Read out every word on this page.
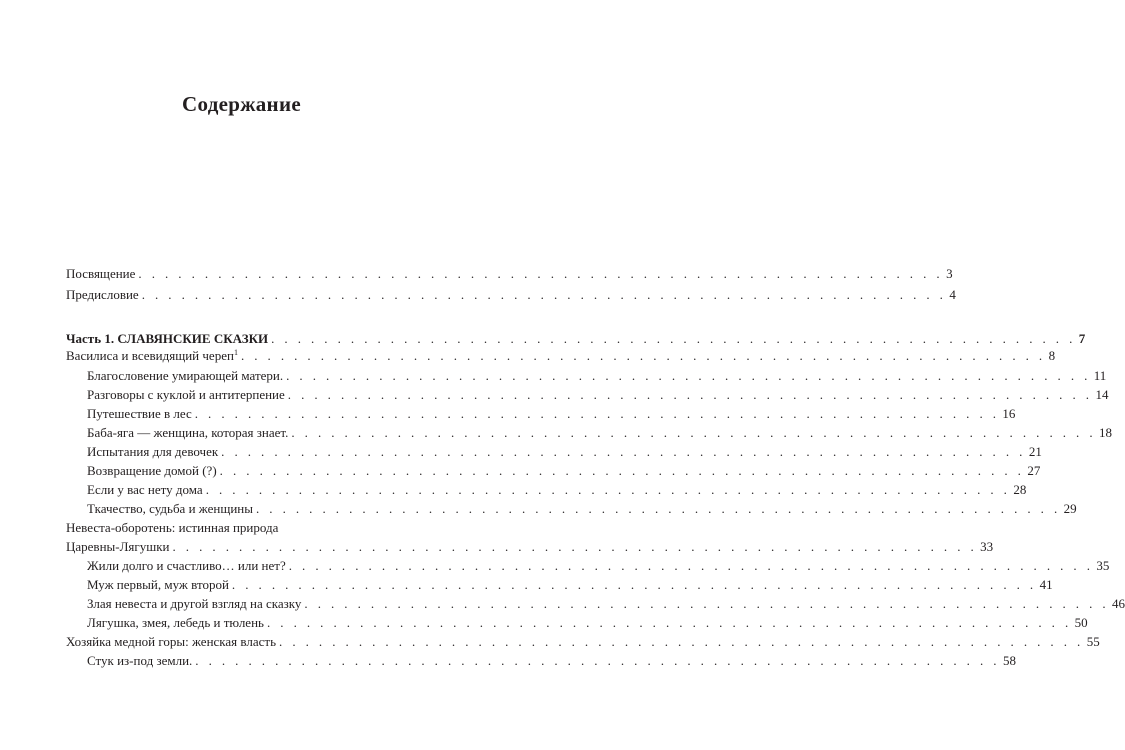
Содержание
Посвящение . . . . . . . . . . . . . . . . . . . . . . . . . . . . . . . . . . . . . . . . . . . . . . . . . . . . . . . . . . . . . 3
Предисловие . . . . . . . . . . . . . . . . . . . . . . . . . . . . . . . . . . . . . . . . . . . . . . . . . . . . . . . . . . . . . 4
Часть 1. СЛАВЯНСКИЕ СКАЗКИ . . . . . . . . . . . . . . . . . . . . . . . . . . . . . . . . . . . . . . . . . . . . . . . . . . . . . . . . . . . . . 7
Василиса и всевидящий череп$^1$ . . . . . . . . . . . . . . . . . . . . . . . . . . . . . . . . . . . . . . . . . . . . . . . . . . . . . . . . . . . . . 8
Благословение умирающей матери. . . . . . . . . . . . . . . . . . . . . . . . . . . . . . . . . . . . . . . . . . . . . . . . . . . . . . . . . . . . . . 11
Разговоры с куклой и антитерпение . . . . . . . . . . . . . . . . . . . . . . . . . . . . . . . . . . . . . . . . . . . . . . . . . . . . . . . . . . . . . 14
Путешествие в лес . . . . . . . . . . . . . . . . . . . . . . . . . . . . . . . . . . . . . . . . . . . . . . . . . . . . . . . . . . . . . 16
Баба-яга — женщина, которая знает. . . . . . . . . . . . . . . . . . . . . . . . . . . . . . . . . . . . . . . . . . . . . . . . . . . . . . . . . . . . . . 18
Испытания для девочек . . . . . . . . . . . . . . . . . . . . . . . . . . . . . . . . . . . . . . . . . . . . . . . . . . . . . . . . . . . . . 21
Возвращение домой (?) . . . . . . . . . . . . . . . . . . . . . . . . . . . . . . . . . . . . . . . . . . . . . . . . . . . . . . . . . . . . . 27
Если у вас нету дома . . . . . . . . . . . . . . . . . . . . . . . . . . . . . . . . . . . . . . . . . . . . . . . . . . . . . . . . . . . . . 28
Ткачество, судьба и женщины . . . . . . . . . . . . . . . . . . . . . . . . . . . . . . . . . . . . . . . . . . . . . . . . . . . . . . . . . . . . . 29
Невеста-оборотень: истинная природа
Царевны-Лягушки . . . . . . . . . . . . . . . . . . . . . . . . . . . . . . . . . . . . . . . . . . . . . . . . . . . . . . . . . . . . . 33
Жили долго и счастливо… или нет? . . . . . . . . . . . . . . . . . . . . . . . . . . . . . . . . . . . . . . . . . . . . . . . . . . . . . . . . . . . . . 35
Муж первый, муж второй . . . . . . . . . . . . . . . . . . . . . . . . . . . . . . . . . . . . . . . . . . . . . . . . . . . . . . . . . . . . . 41
Злая невеста и другой взгляд на сказку . . . . . . . . . . . . . . . . . . . . . . . . . . . . . . . . . . . . . . . . . . . . . . . . . . . . . . . . . . . . . 46
Лягушка, змея, лебедь и тюлень . . . . . . . . . . . . . . . . . . . . . . . . . . . . . . . . . . . . . . . . . . . . . . . . . . . . . . . . . . . . . 50
Хозяйка медной горы: женская власть . . . . . . . . . . . . . . . . . . . . . . . . . . . . . . . . . . . . . . . . . . . . . . . . . . . . . . . . . . . . . 55
Стук из-под земли. . . . . . . . . . . . . . . . . . . . . . . . . . . . . . . . . . . . . . . . . . . . . . . . . . . . . . . . . . . . . . 58
